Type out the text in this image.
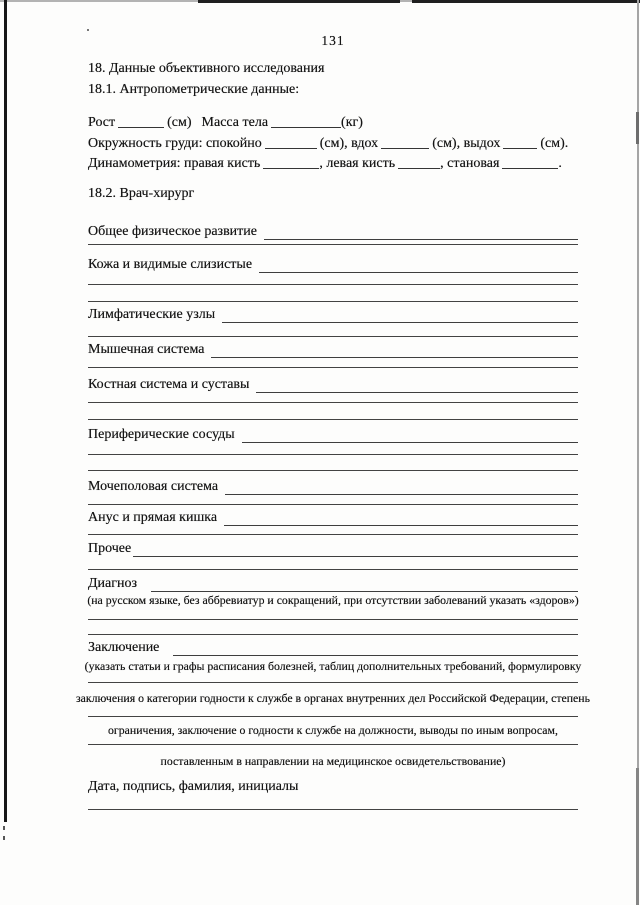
131
18. Данные объективного исследования
18.1. Антропометрические данные:
Рост	(см) Масса тела	(кг)
Окружность груди: спокойно	(см), вдох	(см), выдох	(см).
Динамометрия: правая кисть	, левая кисть	, становая	.
18.2. Врач-хирург
Общее физическое развитие
Кожа и видимые слизистые
Лимфатические узлы
Мышечная система
Костная система и суставы
Периферические сосуды
Мочеполовая система
Анус и прямая кишка
Прочее
Диагноз
(на русском языке, без аббревиатур и сокращений, при отсутствии заболеваний указать «здоров»)
Заключение
(указать статьи и графы расписания болезней, таблиц дополнительных требований, формулировку
заключения о категории годности к службе в органах внутренних дел Российской Федерации, степень
ограничения, заключение о годности к службе на должности, выводы по иным вопросам,
поставленным в направлении на медицинское освидетельствование)
Дата, подпись, фамилия, инициалы
